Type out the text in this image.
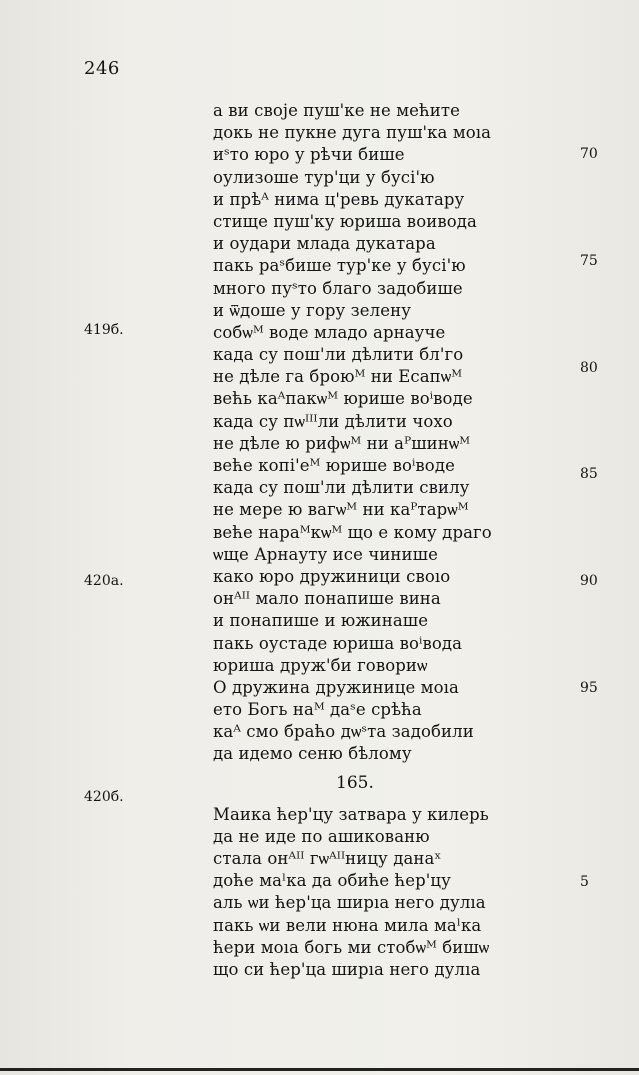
246
419б.
420а.
420б.
70
75
80
85
90
95
5
а ви своје пуш'ке не мећите
докь не пукне дуга пуш'ка моıа
иˢто юро у рѣчи бише
оулизоше тур'ци у бусі'ю
и прѣᴬ нима ц'ревь дукатару
стище пуш'ку юриша воивода
и оудари млада дукатара
пакь раˢбише тур'ке у бусі'ю
много пуˢто благо задобише
и ѿдоше у гору зелену
собѡᴹ воде младо арнауче
када су пош'ли дѣлити бл'го
не дѣле га броюᴹ ни Есапѡᴹ
већь каᴬпакѡᴹ юрише воⁱводе
када су пѡᴵᴵᴵли дѣлити чохо
не дѣле ю рифѡᴹ ни аᴾшинѡᴹ
веће копі'еᴹ юрише воⁱводе
када су пош'ли дѣлити свилу
не мере ю вагѡᴹ ни каᴾтарѡᴹ
веће нараᴹкѡᴹ що е кому драго
ѡще Арнауту исе чинише
како юро дружиници своıо
онᴬᴵᴵ мало понапише вина
и понапише и южинаше
пакь оустаде юриша воⁱвода
юриша друж'би говориѡ
О дружина дружинице моıа
ето Богь наᴹ даˢе срѣћа
каᴬ смо браћо дѡˢта задобили
да идемо сеню бѣлому
165.
Маика ћер'цу затвара у килерь
да не иде по ашикованю
стала онᴬᴵᴵ гѡᴬᴵᴵницу данаˣ
доће маˡка да обиће ћер'цу
аль ѡи ћер'ца ширıа него дулıа
пакь ѡи вели нюна мила маˡка
ћери моıа богь ми стобѡᴹ бишѡ
що си ћер'ца ширıа него дулıа
